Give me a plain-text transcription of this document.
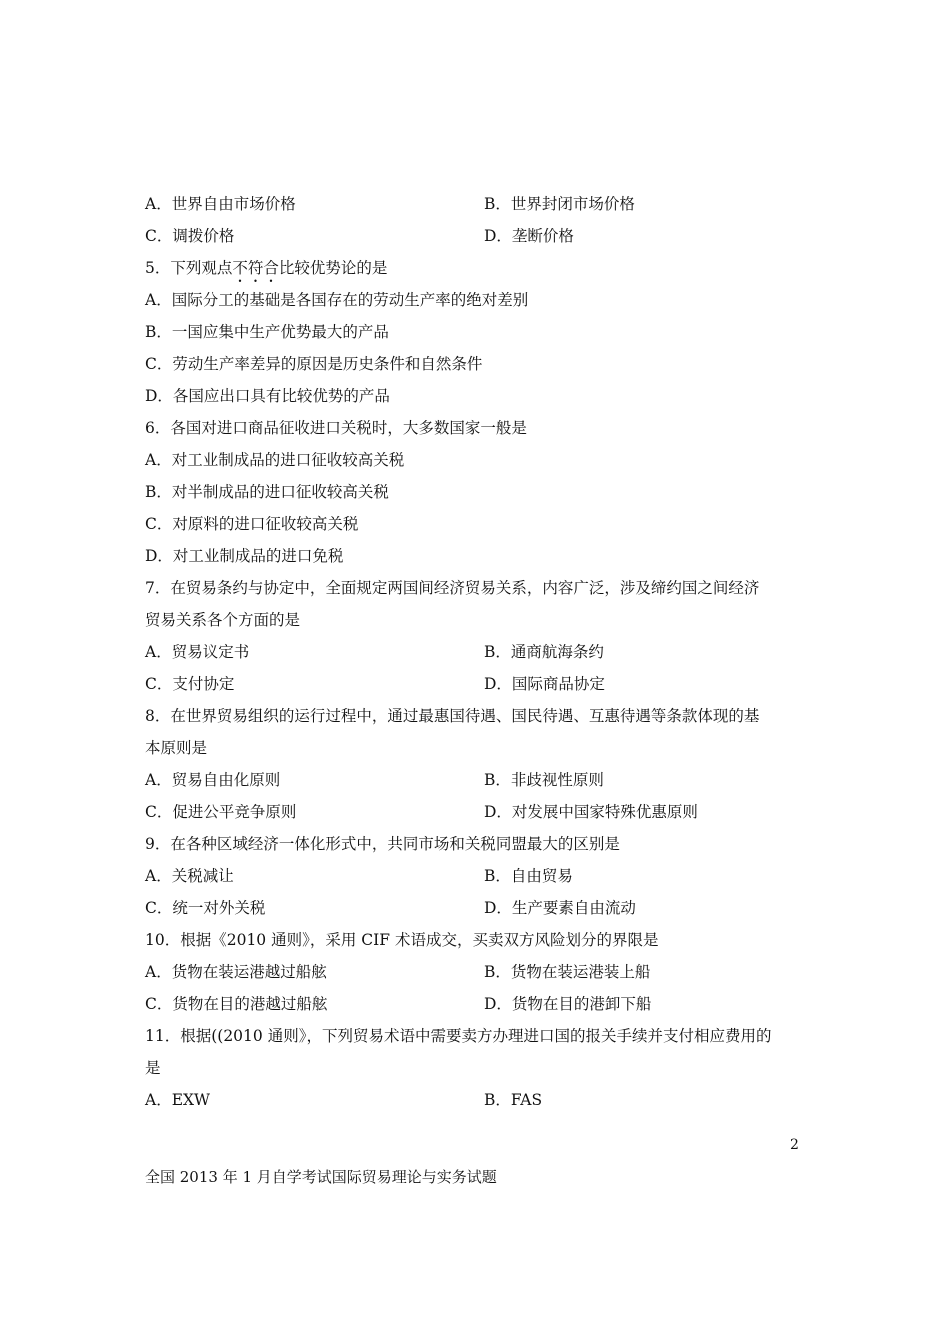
A．世界自由市场价格	B．世界封闭市场价格
C．调拨价格	D．垄断价格
5．下列观点不符合比较优势论的是
A．国际分工的基础是各国存在的劳动生产率的绝对差别
B．一国应集中生产优势最大的产品
C．劳动生产率差异的原因是历史条件和自然条件
D．各国应出口具有比较优势的产品
6．各国对进口商品征收进口关税时，大多数国家一般是
A．对工业制成品的进口征收较高关税
B．对半制成品的进口征收较高关税
C．对原料的进口征收较高关税
D．对工业制成品的进口免税
7．在贸易条约与协定中，全面规定两国间经济贸易关系，内容广泛，涉及缔约国之间经济
贸易关系各个方面的是
A．贸易议定书	B．通商航海条约
C．支付协定	D．国际商品协定
8．在世界贸易组织的运行过程中，通过最惠国待遇、国民待遇、互惠待遇等条款体现的基
本原则是
A．贸易自由化原则	B．非歧视性原则
C．促进公平竞争原则	D．对发展中国家特殊优惠原则
9．在各种区域经济一体化形式中，共同市场和关税同盟最大的区别是
A．关税减让	B．自由贸易
C．统一对外关税	D．生产要素自由流动
10．根据《2010 通则》，采用 CIF 术语成交，买卖双方风险划分的界限是
A．货物在装运港越过船舷	B．货物在装运港装上船
C．货物在目的港越过船舷	D．货物在目的港卸下船
11．根据((2010 通则》，下列贸易术语中需要卖方办理进口国的报关手续并支付相应费用的
是
A．EXW	B．FAS
2
全国 2013 年 1 月自学考试国际贸易理论与实务试题
